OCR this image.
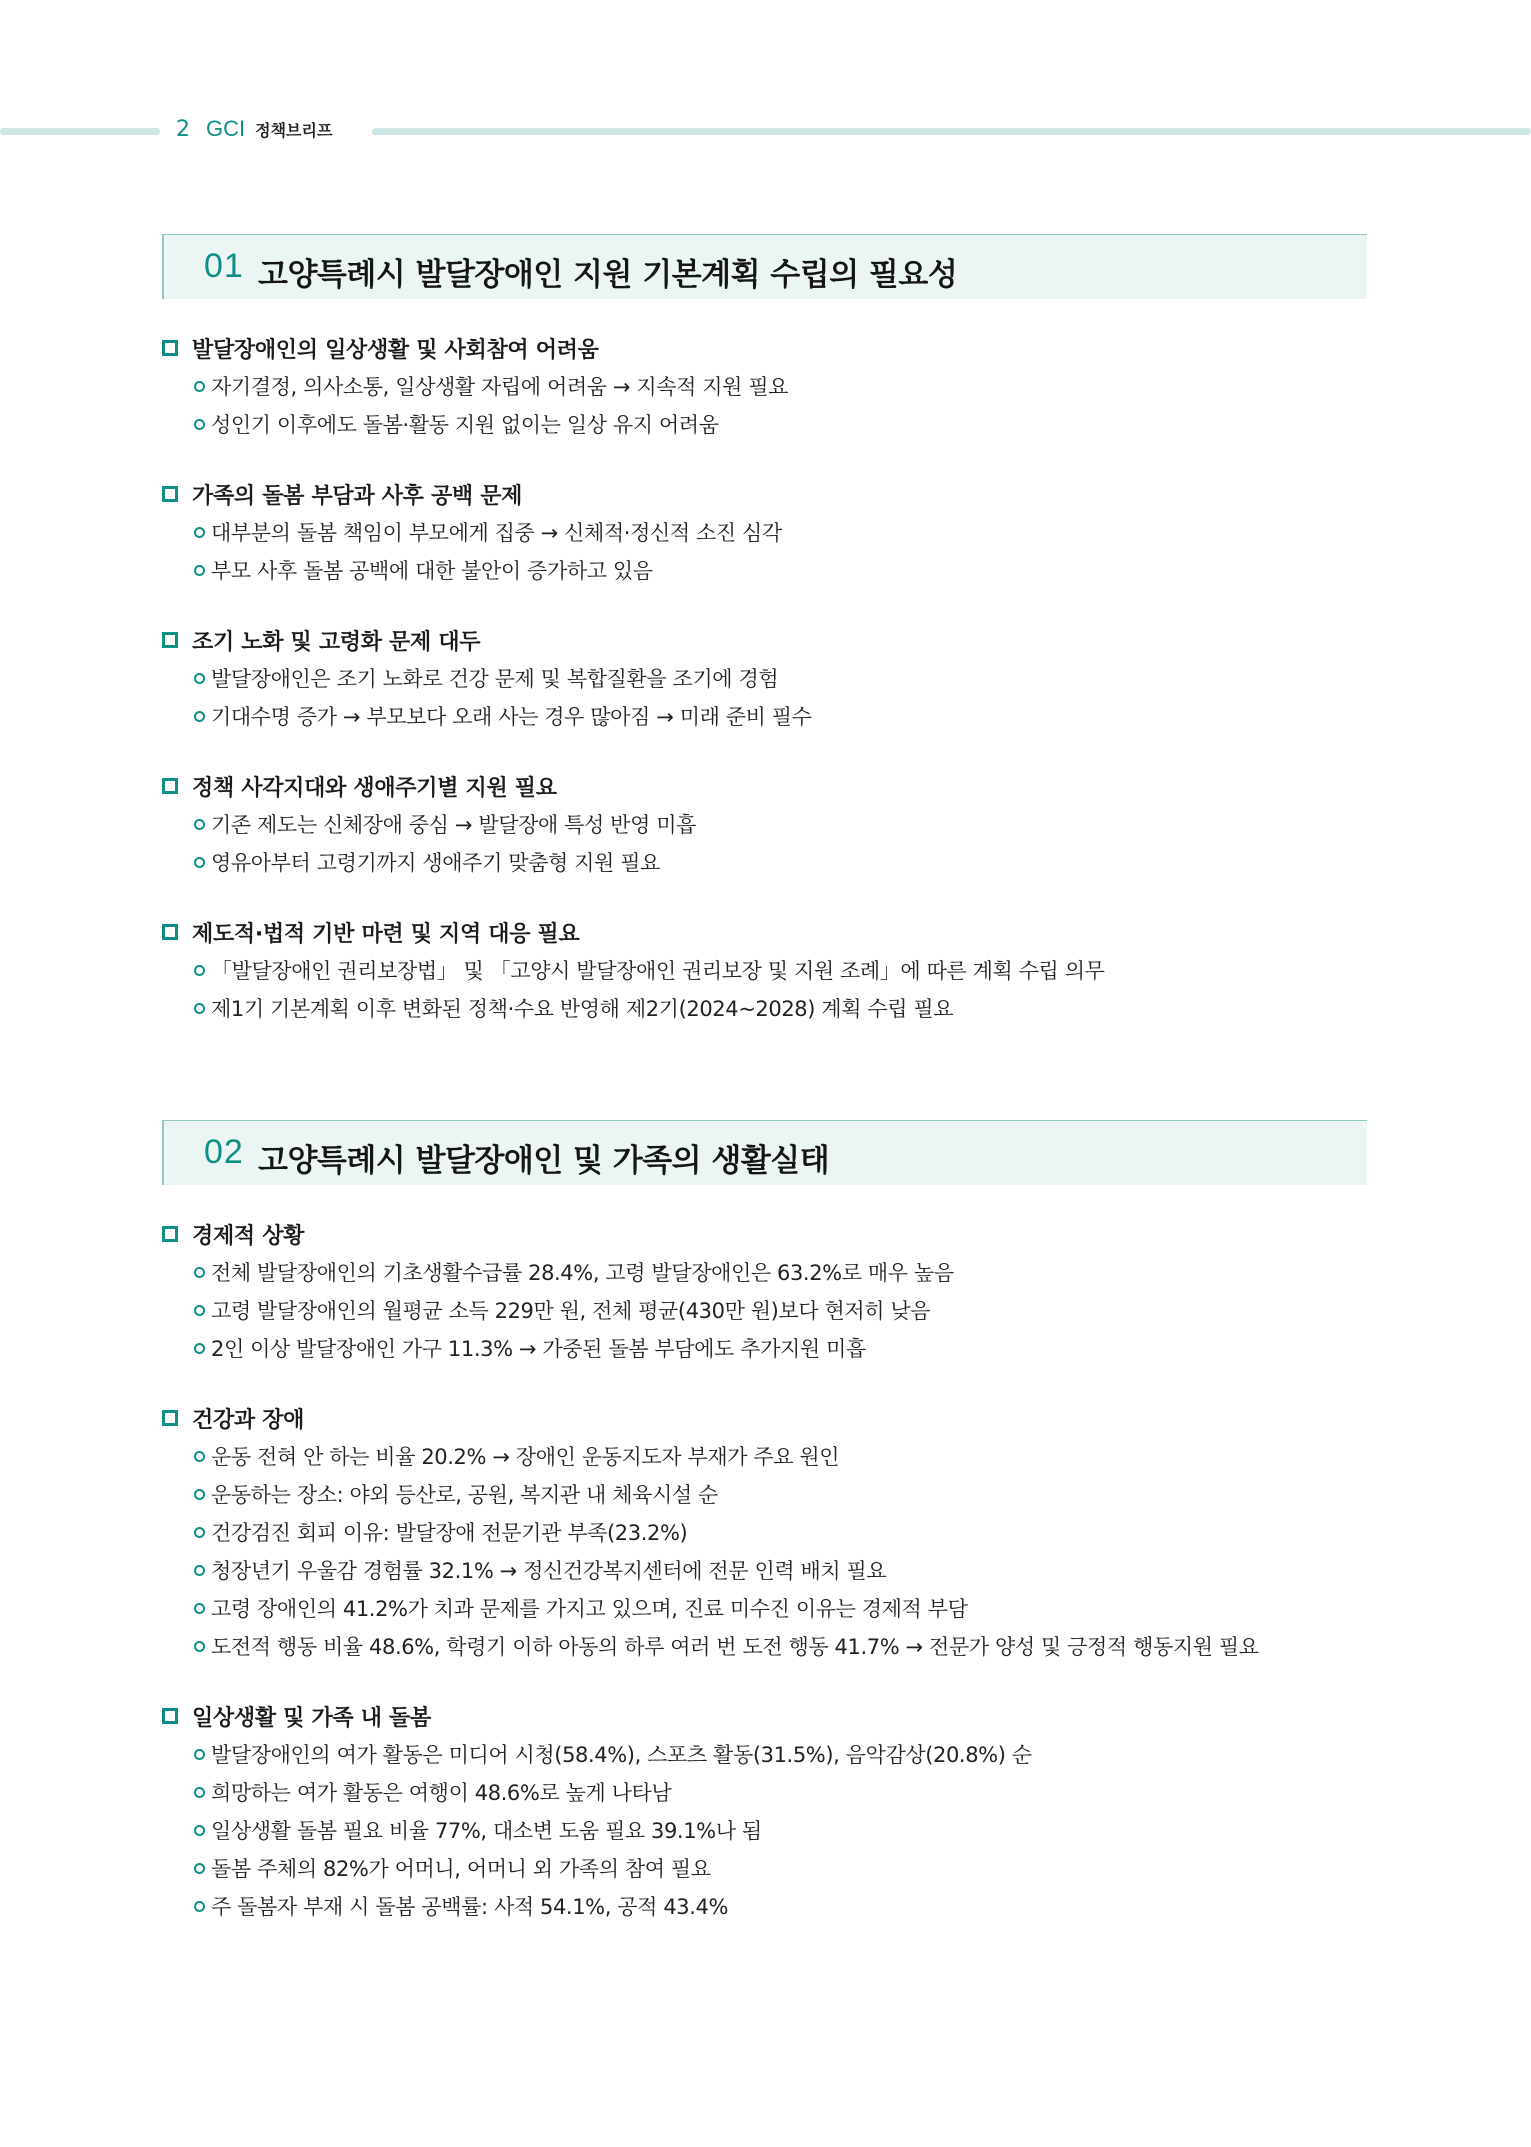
2 GCI 정책브리프
01 고양특례시 발달장애인 지원 기본계획 수립의 필요성
발달장애인의 일상생활 및 사회참여 어려움
자기결정, 의사소통, 일상생활 자립에 어려움 → 지속적 지원 필요
성인기 이후에도 돌봄·활동 지원 없이는 일상 유지 어려움
가족의 돌봄 부담과 사후 공백 문제
대부분의 돌봄 책임이 부모에게 집중 → 신체적·정신적 소진 심각
부모 사후 돌봄 공백에 대한 불안이 증가하고 있음
조기 노화 및 고령화 문제 대두
발달장애인은 조기 노화로 건강 문제 및 복합질환을 조기에 경험
기대수명 증가 → 부모보다 오래 사는 경우 많아짐 → 미래 준비 필수
정책 사각지대와 생애주기별 지원 필요
기존 제도는 신체장애 중심 → 발달장애 특성 반영 미흡
영유아부터 고령기까지 생애주기 맞춤형 지원 필요
제도적·법적 기반 마련 및 지역 대응 필요
「발달장애인 권리보장법」 및 「고양시 발달장애인 권리보장 및 지원 조례」에 따른 계획 수립 의무
제1기 기본계획 이후 변화된 정책·수요 반영해 제2기(2024~2028) 계획 수립 필요
02 고양특례시 발달장애인 및 가족의 생활실태
경제적 상황
전체 발달장애인의 기초생활수급률 28.4%, 고령 발달장애인은 63.2%로 매우 높음
고령 발달장애인의 월평균 소득 229만 원, 전체 평균(430만 원)보다 현저히 낮음
2인 이상 발달장애인 가구 11.3% → 가중된 돌봄 부담에도 추가지원 미흡
건강과 장애
운동 전혀 안 하는 비율 20.2% → 장애인 운동지도자 부재가 주요 원인
운동하는 장소: 야외 등산로, 공원, 복지관 내 체육시설 순
건강검진 회피 이유: 발달장애 전문기관 부족(23.2%)
청장년기 우울감 경험률 32.1% → 정신건강복지센터에 전문 인력 배치 필요
고령 장애인의 41.2%가 치과 문제를 가지고 있으며, 진료 미수진 이유는 경제적 부담
도전적 행동 비율 48.6%, 학령기 이하 아동의 하루 여러 번 도전 행동 41.7% → 전문가 양성 및 긍정적 행동지원 필요
일상생활 및 가족 내 돌봄
발달장애인의 여가 활동은 미디어 시청(58.4%), 스포츠 활동(31.5%), 음악감상(20.8%) 순
희망하는 여가 활동은 여행이 48.6%로 높게 나타남
일상생활 돌봄 필요 비율 77%, 대소변 도움 필요 39.1%나 됨
돌봄 주체의 82%가 어머니, 어머니 외 가족의 참여 필요
주 돌봄자 부재 시 돌봄 공백률: 사적 54.1%, 공적 43.4%
